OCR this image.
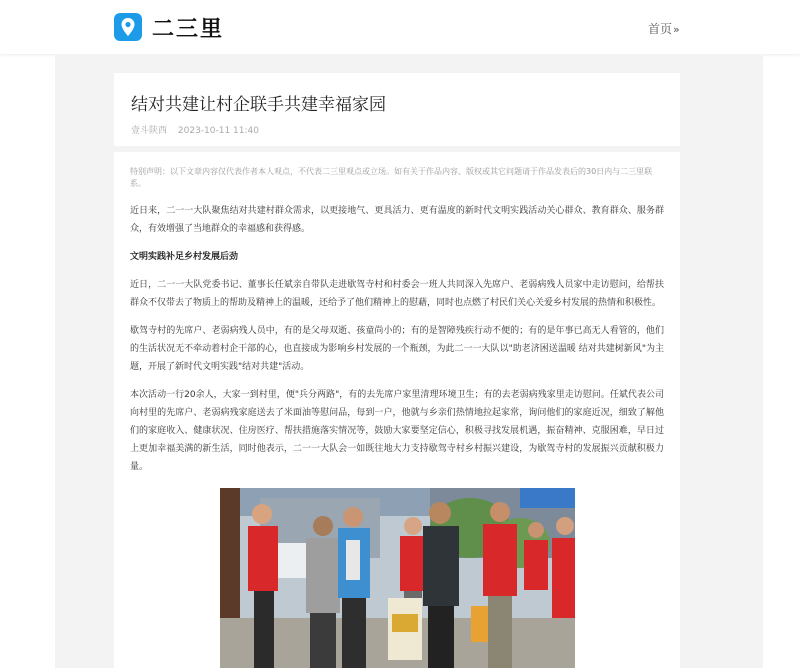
二三里	首页»
结对共建让村企联手共建幸福家园
壹斗陕西 2023-10-11 11:40

特别声明：以下文章内容仅代表作者本人观点，不代表二三里观点或立场。如有关于作品内容、版权或其它问题请于作品发表后的30日内与二三里联系。

近日来，二一一大队聚焦结对共建村群众需求，以更接地气、更具活力、更有温度的新时代文明实践活动关心群众、教育群众、服务群众，有效增强了当地群众的幸福感和获得感。

文明实践补足乡村发展后劲

近日，二一一大队党委书记、董事长任斌亲自带队走进歇驾寺村和村委会一班人共同深入先席户、老弱病残人员家中走访慰问，给帮扶群众不仅带去了物质上的帮助及精神上的温暖，还给予了他们精神上的慰藉，同时也点燃了村民们关心关爱乡村发展的热情和积极性。

歇驾寺村的先席户、老弱病残人员中，有的是父母双逝、孩童尚小的；有的是智障残疾行动不便的；有的是年事已高无人看管的，他们的生活状况无不牵动着村企干部的心，也直接成为影响乡村发展的一个瓶颈，为此二一一大队以"助老济困送温暖 结对共建树新风"为主题，开展了新时代文明实践"结对共建"活动。

本次活动一行20余人，大家一到村里，便"兵分两路"，有的去先席户家里清理环境卫生；有的去老弱病残家里走访慰问。任斌代表公司向村里的先席户、老弱病残家庭送去了米面油等慰问品，每到一户，他就与乡亲们热情地拉起家常，询问他们的家庭近况，细致了解他们的家庭收入、健康状况、住房医疗、帮扶措施落实情况等，鼓励大家要坚定信心，积极寻找发展机遇，振奋精神、克服困难，早日过上更加幸福美满的新生活，同时他表示，二一一大队会一如既往地大力支持歇驾寺村乡村振兴建设，为歇驾寺村的发展振兴贡献积极力量。
